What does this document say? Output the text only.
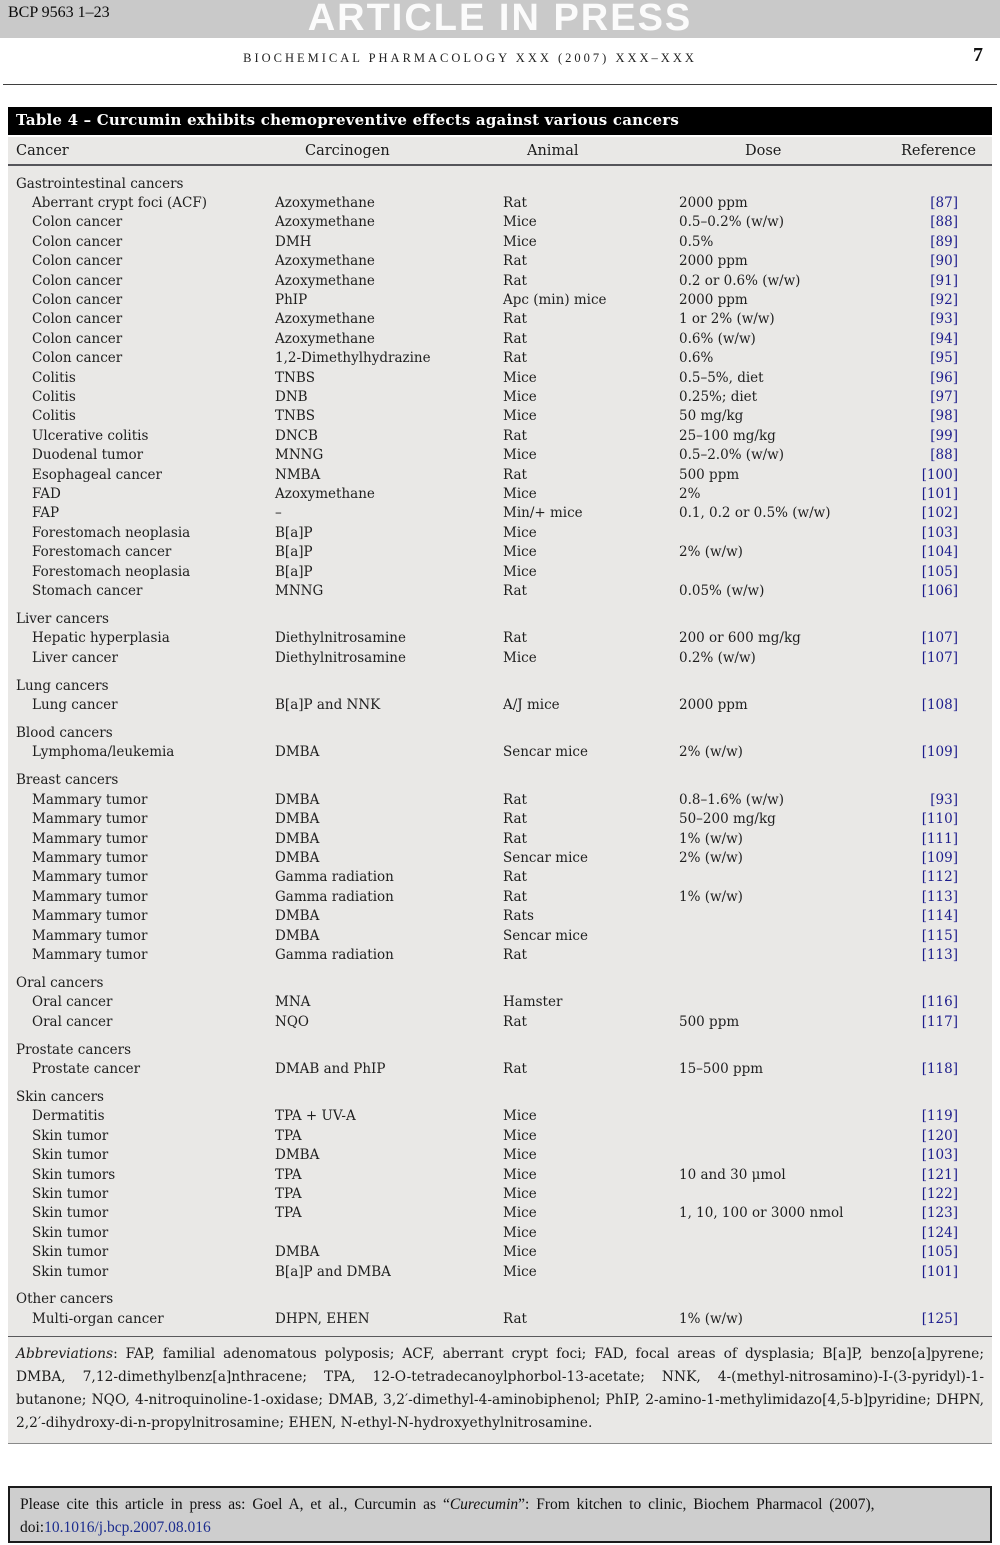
BCP 9563 1–23	ARTICLE IN PRESS
BIOCHEMICAL PHARMACOLOGY XXX (2007) XXX–XXX	7
Table 4 – Curcumin exhibits chemopreventive effects against various cancers
Cancer	Carcinogen	Animal	Dose	Reference
Gastrointestinal cancers				
Aberrant crypt foci (ACF)	Azoxymethane	Rat	2000 ppm	[87]
Colon cancer	Azoxymethane	Mice	0.5–0.2% (w/w)	[88]
Colon cancer	DMH	Mice	0.5%	[89]
Colon cancer	Azoxymethane	Rat	2000 ppm	[90]
Colon cancer	Azoxymethane	Rat	0.2 or 0.6% (w/w)	[91]
Colon cancer	PhIP	Apc (min) mice	2000 ppm	[92]
Colon cancer	Azoxymethane	Rat	1 or 2% (w/w)	[93]
Colon cancer	Azoxymethane	Rat	0.6% (w/w)	[94]
Colon cancer	1,2-Dimethylhydrazine	Rat	0.6%	[95]
Colitis	TNBS	Mice	0.5–5%, diet	[96]
Colitis	DNB	Mice	0.25%; diet	[97]
Colitis	TNBS	Mice	50 mg/kg	[98]
Ulcerative colitis	DNCB	Rat	25–100 mg/kg	[99]
Duodenal tumor	MNNG	Mice	0.5–2.0% (w/w)	[88]
Esophageal cancer	NMBA	Rat	500 ppm	[100]
FAD	Azoxymethane	Mice	2%	[101]
FAP	–	Min/+ mice	0.1, 0.2 or 0.5% (w/w)	[102]
Forestomach neoplasia	B[a]P	Mice		[103]
Forestomach cancer	B[a]P	Mice	2% (w/w)	[104]
Forestomach neoplasia	B[a]P	Mice		[105]
Stomach cancer	MNNG	Rat	0.05% (w/w)	[106]
Liver cancers				
Hepatic hyperplasia	Diethylnitrosamine	Rat	200 or 600 mg/kg	[107]
Liver cancer	Diethylnitrosamine	Mice	0.2% (w/w)	[107]
Lung cancers				
Lung cancer	B[a]P and NNK	A/J mice	2000 ppm	[108]
Blood cancers				
Lymphoma/leukemia	DMBA	Sencar mice	2% (w/w)	[109]
Breast cancers				
Mammary tumor	DMBA	Rat	0.8–1.6% (w/w)	[93]
Mammary tumor	DMBA	Rat	50–200 mg/kg	[110]
Mammary tumor	DMBA	Rat	1% (w/w)	[111]
Mammary tumor	DMBA	Sencar mice	2% (w/w)	[109]
Mammary tumor	Gamma radiation	Rat		[112]
Mammary tumor	Gamma radiation	Rat	1% (w/w)	[113]
Mammary tumor	DMBA	Rats		[114]
Mammary tumor	DMBA	Sencar mice		[115]
Mammary tumor	Gamma radiation	Rat		[113]
Oral cancers				
Oral cancer	MNA	Hamster		[116]
Oral cancer	NQO	Rat	500 ppm	[117]
Prostate cancers				
Prostate cancer	DMAB and PhIP	Rat	15–500 ppm	[118]
Skin cancers				
Dermatitis	TPA + UV-A	Mice		[119]
Skin tumor	TPA	Mice		[120]
Skin tumor	DMBA	Mice		[103]
Skin tumors	TPA	Mice	10 and 30 μmol	[121]
Skin tumor	TPA	Mice		[122]
Skin tumor	TPA	Mice	1, 10, 100 or 3000 nmol	[123]
Skin tumor		Mice		[124]
Skin tumor	DMBA	Mice		[105]
Skin tumor	B[a]P and DMBA	Mice		[101]
Other cancers				
Multi-organ cancer	DHPN, EHEN	Rat	1% (w/w)	[125]
Abbreviations: FAP, familial adenomatous polyposis; ACF, aberrant crypt foci; FAD, focal areas of dysplasia; B[a]P, benzo[a]pyrene; DMBA, 7,12-dimethylbenz[a]nthracene; TPA, 12-O-tetradecanoylphorbol-13-acetate; NNK, 4-(methyl-nitrosamino)-I-(3-pyridyl)-1-butanone; NQO, 4-nitroquinoline-1-oxidase; DMAB, 3,2′-dimethyl-4-aminobiphenol; PhIP, 2-amino-1-methylimidazo[4,5-b]pyridine; DHPN, 2,2′-dihydroxy-di-n-propylnitrosamine; EHEN, N-ethyl-N-hydroxyethylnitrosamine.
Please cite this article in press as: Goel A, et al., Curcumin as “Curecumin”: From kitchen to clinic, Biochem Pharmacol (2007),
doi:10.1016/j.bcp.2007.08.016
